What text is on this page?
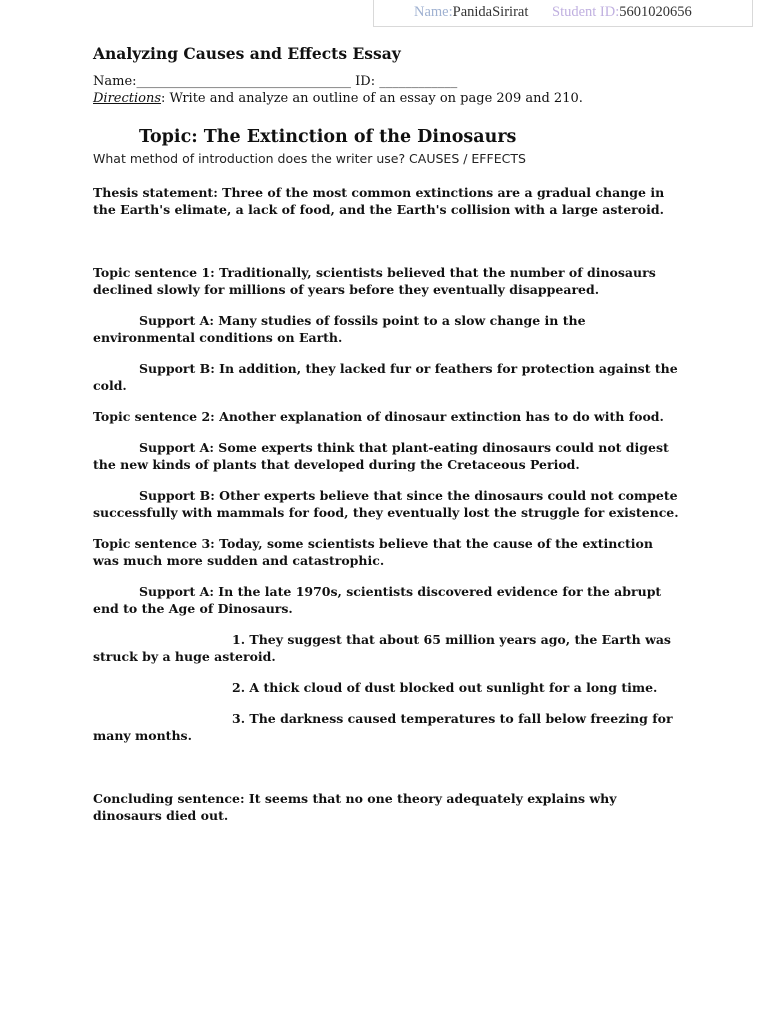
Name:PanidaSirirat Student ID:5601020656
Analyzing Causes and Effects Essay

Name:_________________________________ ID: ____________

Directions: Write and analyze an outline of an essay on page 209 and 210.

Topic: The Extinction of the Dinosaurs
What method of introduction does the writer use? CAUSES / EFFECTS

Thesis statement: Three of the most common extinctions are a gradual change in the Earth's elimate, a lack of food, and the Earth's collision with a large asteroid.

Topic sentence 1: Traditionally, scientists believed that the number of dinosaurs declined slowly for millions of years before they eventually disappeared.

Support A: Many studies of fossils point to a slow change in the environmental conditions on Earth.

Support B: In addition, they lacked fur or feathers for protection against the cold.

Topic sentence 2: Another explanation of dinosaur extinction has to do with food.

Support A: Some experts think that plant-eating dinosaurs could not digest the new kinds of plants that developed during the Cretaceous Period.

Support B: Other experts believe that since the dinosaurs could not compete successfully with mammals for food, they eventually lost the struggle for existence.

Topic sentence 3: Today, some scientists believe that the cause of the extinction was much more sudden and catastrophic.

Support A: In the late 1970s, scientists discovered evidence for the abrupt end to the Age of Dinosaurs.

1. They suggest that about 65 million years ago, the Earth was struck by a huge asteroid.

2. A thick cloud of dust blocked out sunlight for a long time.

3. The darkness caused temperatures to fall below freezing for many months.

Concluding sentence: It seems that no one theory adequately explains why dinosaurs died out.
